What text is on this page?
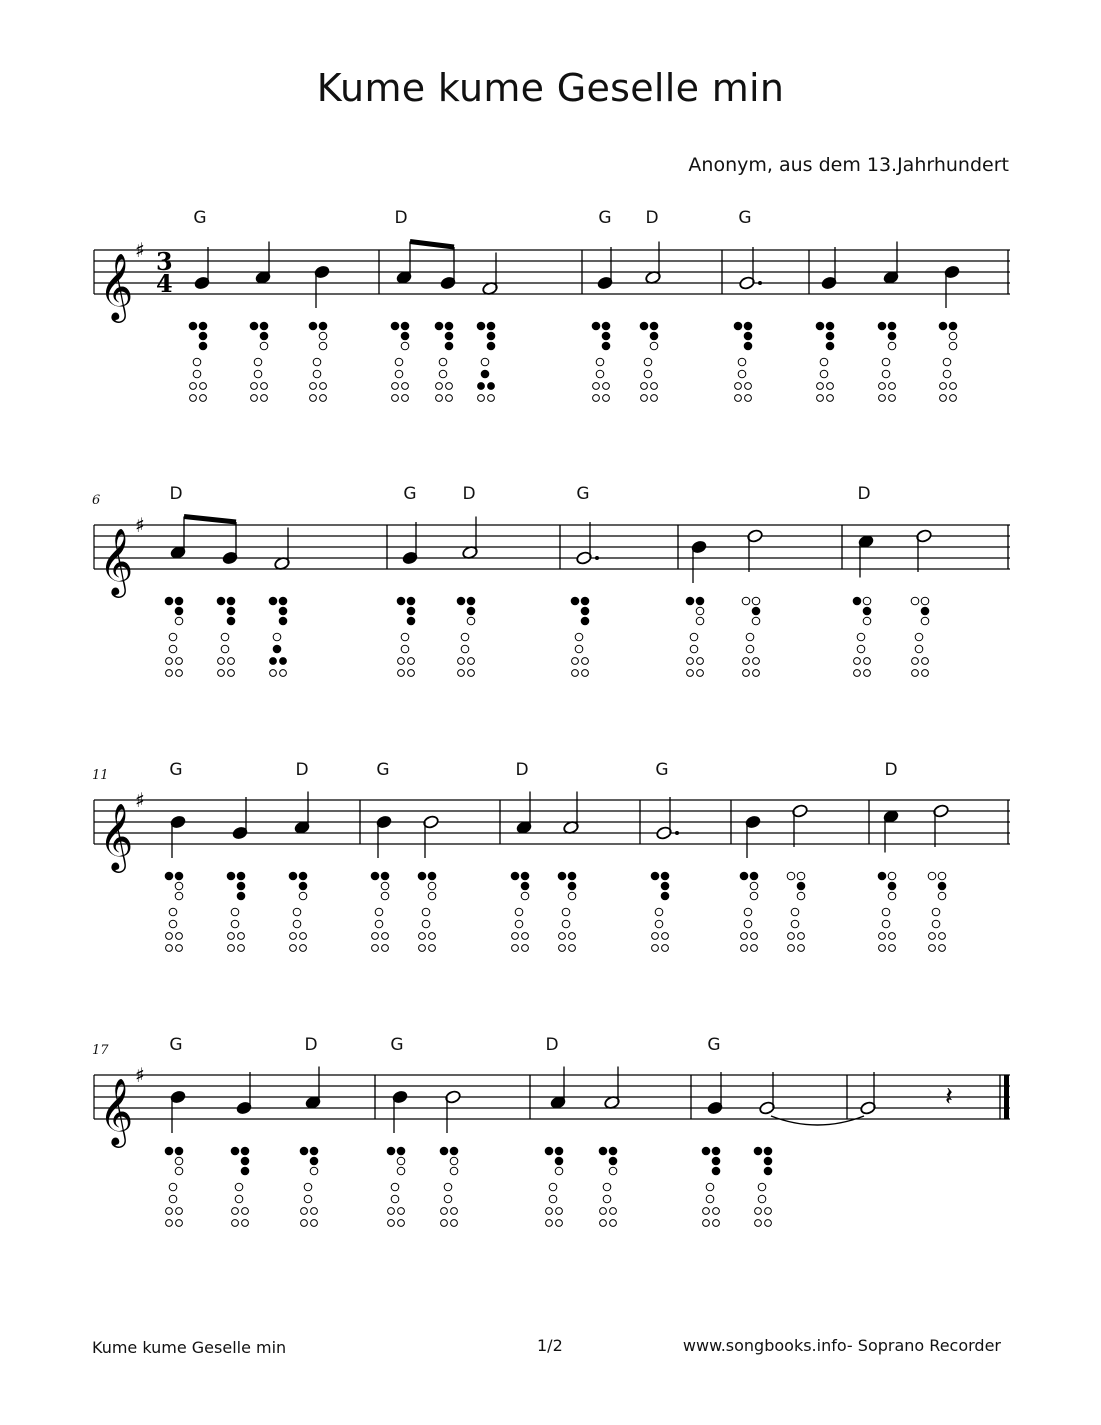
Kume kume Geselle min
Anonym, aus dem 13.Jahrhundert
𝄞
♯ 3
4
𝄞
♯
𝄞
♯
𝄞
♯
𝄽
G	D	G D	G
6	D	G	D	G	D
11	G	D	G	D	G	D
17	G	D	G	D	G
Kume kume Geselle min	1/2	www.songbooks.info- Soprano Recorder
